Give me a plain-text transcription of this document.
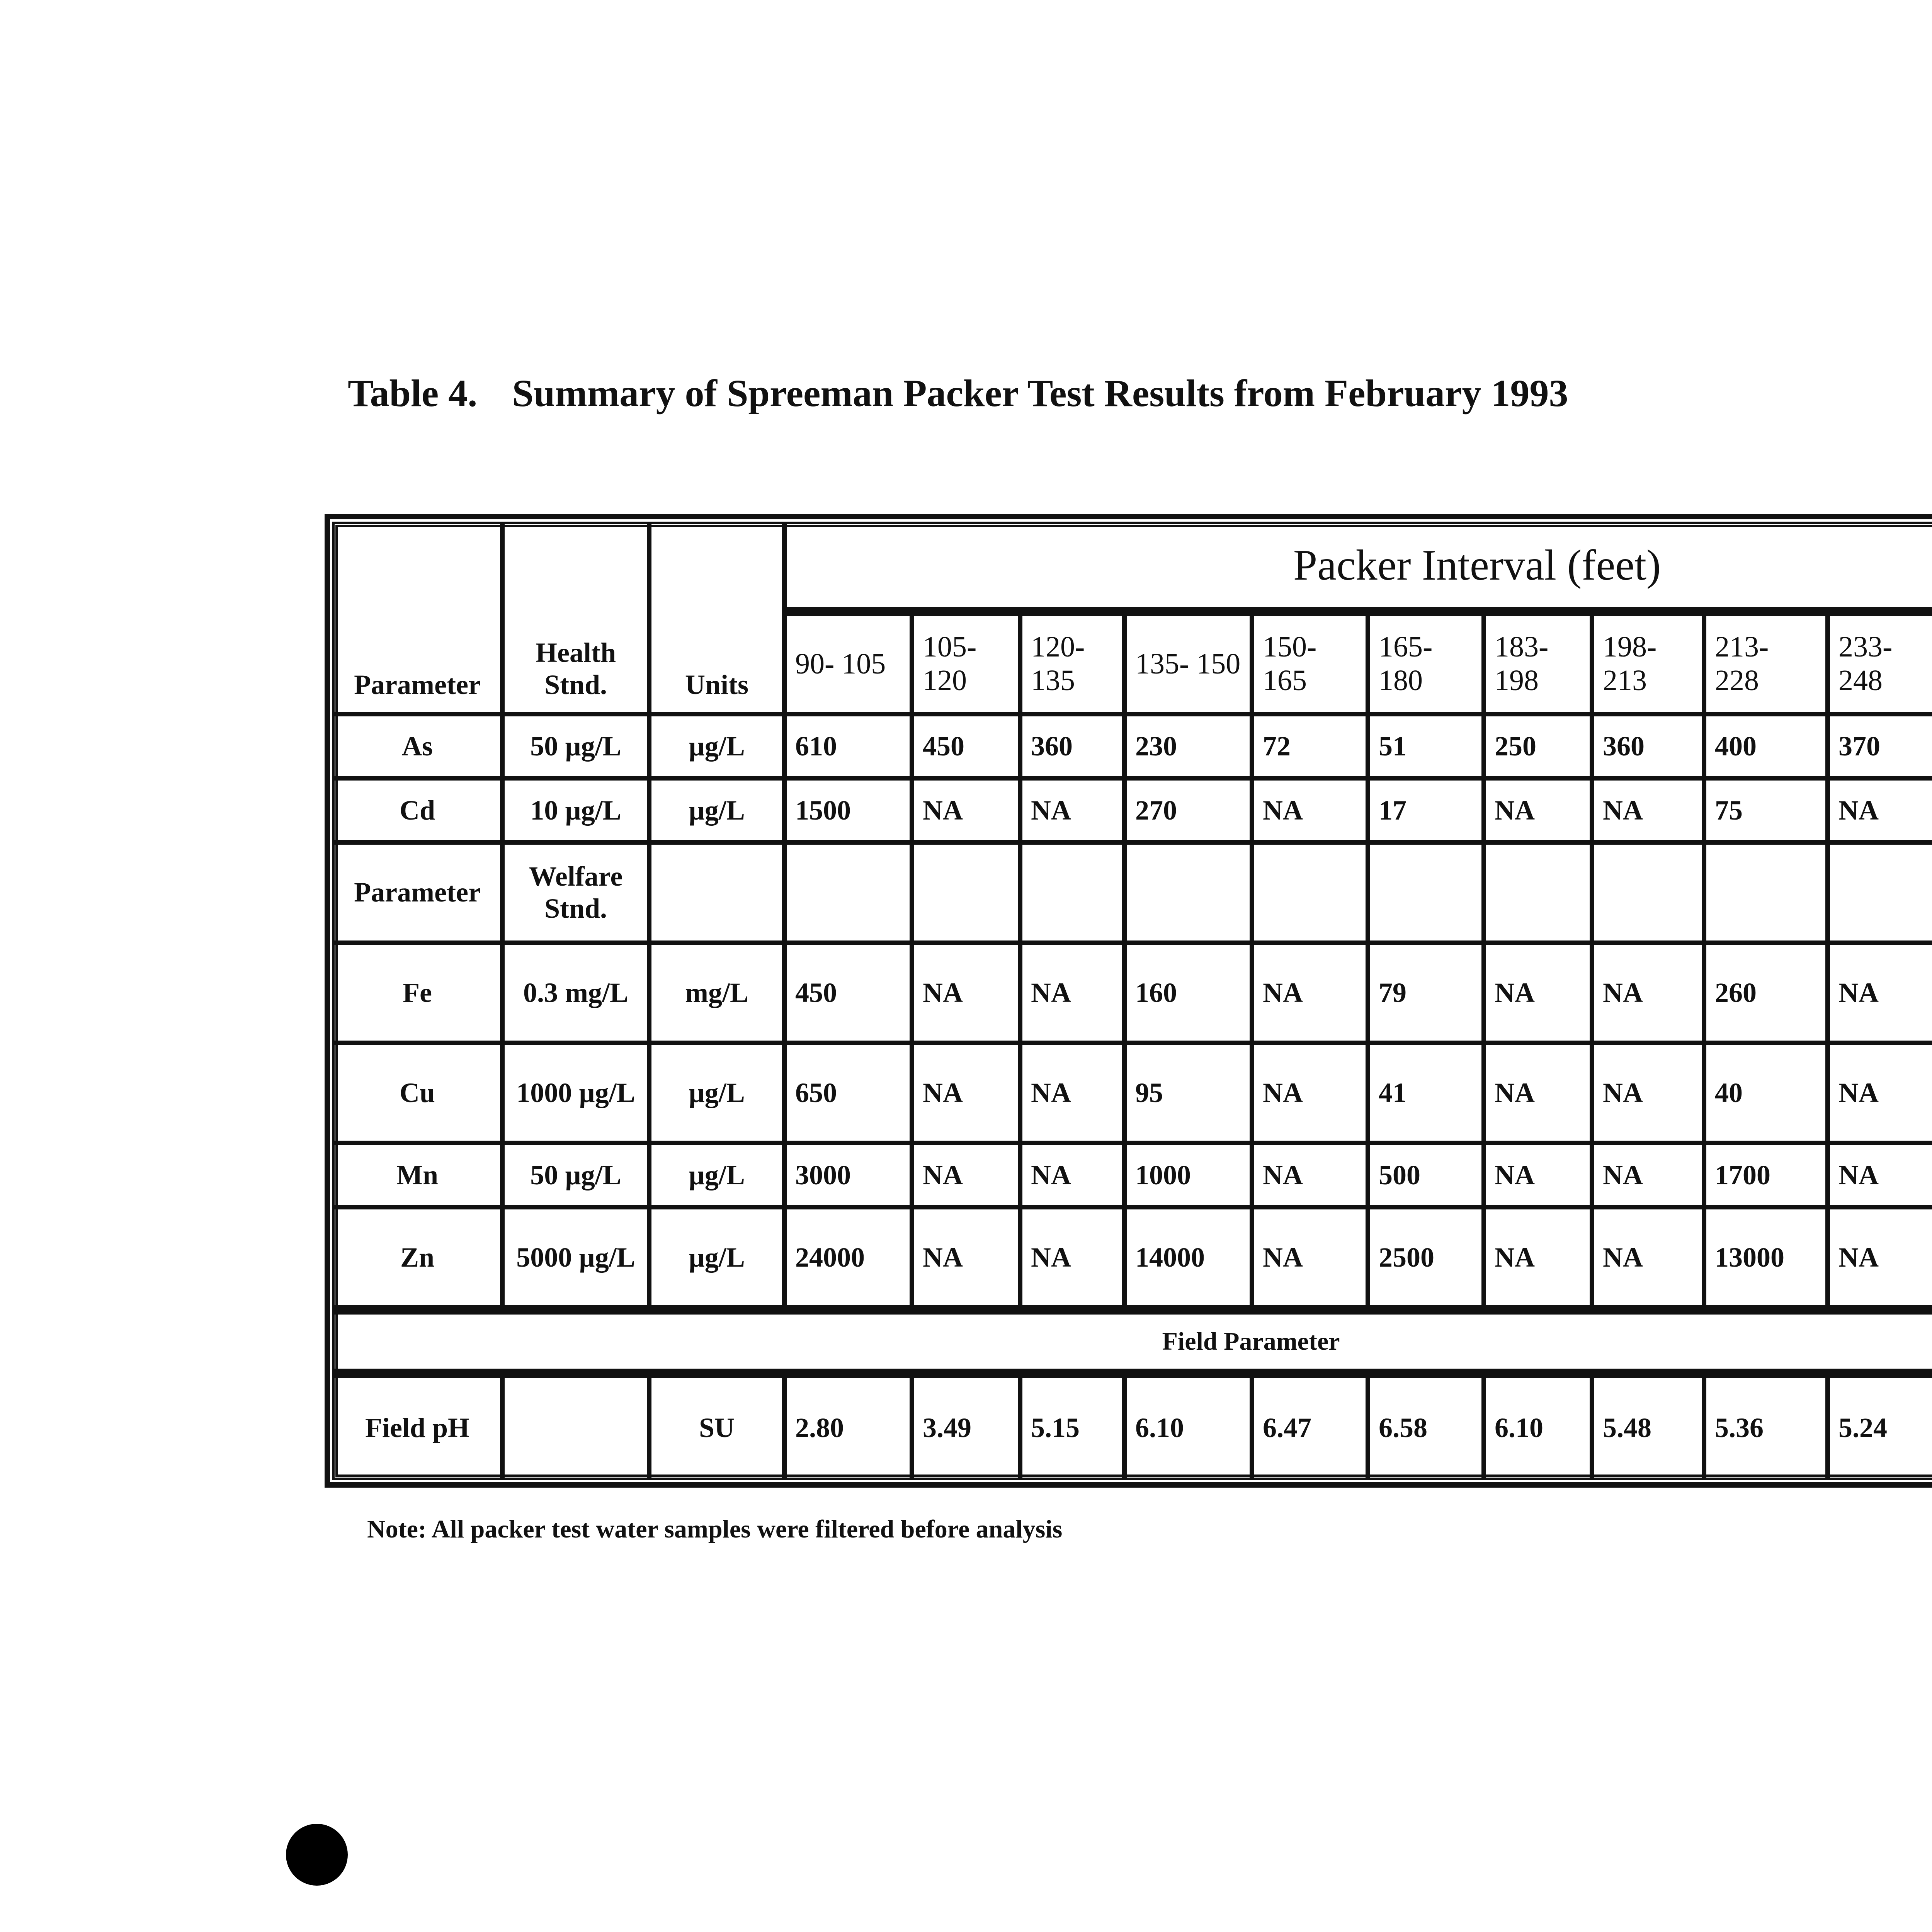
Table 4. Summary of Spreeman Packer Test Results from February 1993
Parameter	Health Stnd.	Units	Packer Interval (feet)											
			90- 105	105- 120	120- 135	135- 150	150- 165	165- 180	183- 198	198- 213	213- 228	233- 248		
As	50 µg/L	µg/L	610	450	360	230	72	51	250	360	400	370		
Cd	10 µg/L	µg/L	1500	NA	NA	270	NA	17	NA	NA	75	NA		
Parameter	Welfare Stnd.													
Fe	0.3 mg/L	mg/L	450	NA	NA	160	NA	79	NA	NA	260	NA		
Cu	1000 µg/L	µg/L	650	NA	NA	95	NA	41	NA	NA	40	NA		
Mn	50 µg/L	µg/L	3000	NA	NA	1000	NA	500	NA	NA	1700	NA		
Zn	5000 µg/L	µg/L	24000	NA	NA	14000	NA	2500	NA	NA	13000	NA		
Field Parameter														
Field pH		SU	2.80	3.49	5.15	6.10	6.47	6.58	6.10	5.48	5.36	5.24		
Note: All packer test water samples were filtered before analysis
